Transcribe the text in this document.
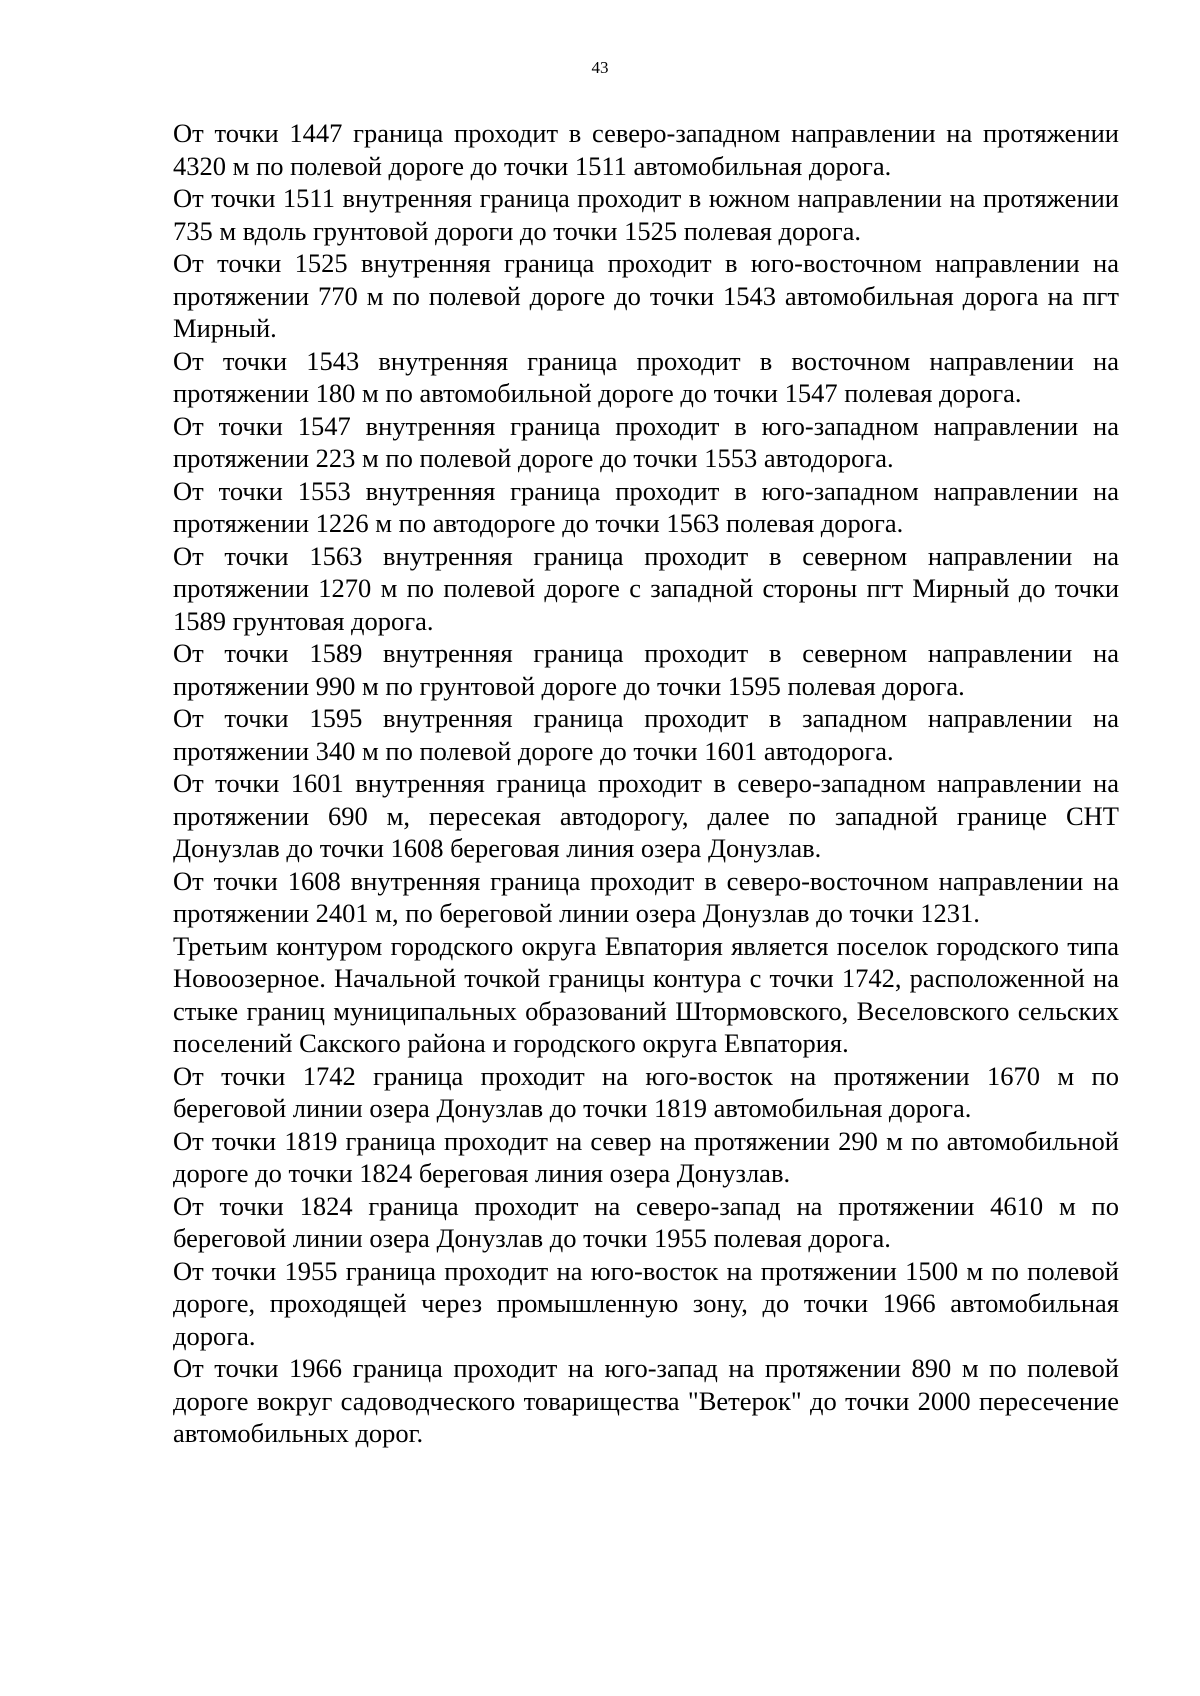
43

От точки 1447 граница проходит в северо-западном направлении на протяжении 4320 м по полевой дороге до точки 1511 автомобильная дорога.

От точки 1511 внутренняя граница проходит в южном направлении на протяжении 735 м вдоль грунтовой дороги до точки 1525 полевая дорога.

От точки 1525 внутренняя граница проходит в юго-восточном направлении на протяжении 770 м по полевой дороге до точки 1543 автомобильная дорога на пгт Мирный.

От точки 1543 внутренняя граница проходит в восточном направлении на протяжении 180 м по автомобильной дороге до точки 1547 полевая дорога.

От точки 1547 внутренняя граница проходит в юго-западном направлении на протяжении 223 м по полевой дороге до точки 1553 автодорога.

От точки 1553 внутренняя граница проходит в юго-западном направлении на протяжении 1226 м по автодороге до точки 1563 полевая дорога.

От точки 1563 внутренняя граница проходит в северном направлении на протяжении 1270 м по полевой дороге с западной стороны пгт Мирный до точки 1589 грунтовая дорога.

От точки 1589 внутренняя граница проходит в северном направлении на протяжении 990 м по грунтовой дороге до точки 1595 полевая дорога.

От точки 1595 внутренняя граница проходит в западном направлении на протяжении 340 м по полевой дороге до точки 1601 автодорога.

От точки 1601 внутренняя граница проходит в северо-западном направлении на протяжении 690 м, пересекая автодорогу, далее по западной границе СНТ Донузлав до точки 1608 береговая линия озера Донузлав.

От точки 1608 внутренняя граница проходит в северо-восточном направлении на протяжении 2401 м, по береговой линии озера Донузлав до точки 1231.

Третьим контуром городского округа Евпатория является поселок городского типа Новоозерное. Начальной точкой границы контура с точки 1742, расположенной на стыке границ муниципальных образований Штормовского, Веселовского сельских поселений Сакского района и городского округа Евпатория.

От точки 1742 граница проходит на юго-восток на протяжении 1670 м по береговой линии озера Донузлав до точки 1819 автомобильная дорога.

От точки 1819 граница проходит на север на протяжении 290 м по автомобильной дороге до точки 1824 береговая линия озера Донузлав.

От точки 1824 граница проходит на северо-запад на протяжении 4610 м по береговой линии озера Донузлав до точки 1955 полевая дорога.

От точки 1955 граница проходит на юго-восток на протяжении 1500 м по полевой дороге, проходящей через промышленную зону, до точки 1966 автомобильная дорога.

От точки 1966 граница проходит на юго-запад на протяжении 890 м по полевой дороге вокруг садоводческого товарищества "Ветерок" до точки 2000 пересечение автомобильных дорог.
